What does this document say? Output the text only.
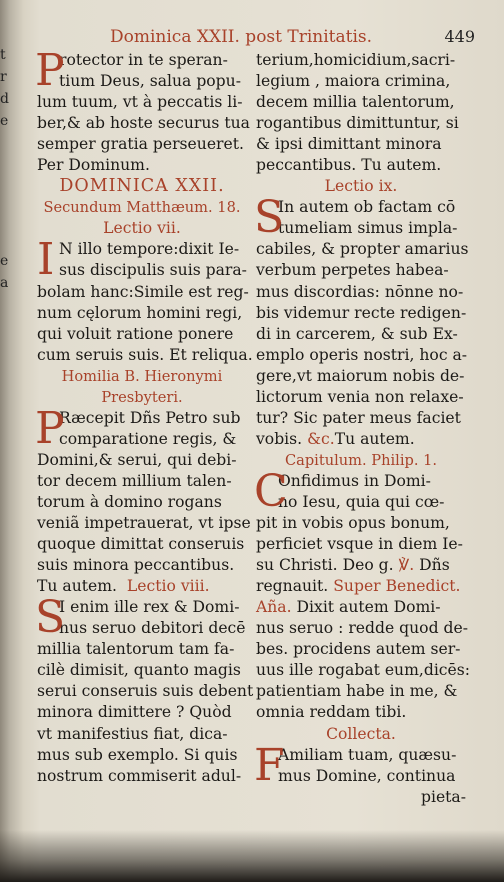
t
r
d
e
e
a
Dominica XXII. post Trinitatis.	449
P
rotector in te speran-
tium Deus, salua popu-
lum tuum, vt à peccatis li-
ber,& ab hoste securus tua
semper gratia perseueret.
Per Dominum.
DOMINICA XXII.
Secundum Matthæum. 18.
Lectio vii.
I N illo tempore:dixit Ie-
sus discipulis suis para-
bolam hanc:Simile est reg-
num cęlorum homini regi,
qui voluit ratione ponere
cum seruis suis. Et reliqua.
Homilia B. Hieronymi
Presbyteri.
P
Ræcepit Dñs Petro sub
comparatione regis, &
Domini,& serui, qui debi-
tor decem millium talen-
torum à domino rogans
veniã impetrauerat, vt ipse
quoque dimittat conseruis
suis minora peccantibus.
Tu autem. Lectio viii.
S
I enim ille rex & Domi-
nus seruo debitori decē
millia talentorum tam fa-
cilè dimisit, quanto magis
serui conseruis suis debent
minora dimittere ? Quòd
vt manifestius fiat, dica-
mus sub exemplo. Si quis
nostrum commiserit adul-
terium,homicidium,sacri-
legium , maiora crimina,
decem millia talentorum,
rogantibus dimittuntur, si
& ipsi dimittant minora
peccantibus. Tu autem.
Lectio ix.
S
In autem ob factam cō
tumeliam simus impla-
cabiles, & propter amarius
verbum perpetes habea-
mus discordias: nōnne no-
bis videmur recte redigen-
di in carcerem, & sub Ex-
emplo operis nostri, hoc a-
gere,vt maiorum nobis de-
lictorum venia non relaxe-
tur? Sic pater meus faciet
vobis. &c.Tu autem.
Capitulum. Philip. 1.
C
Onfidimus in Domi-
no Iesu, quia qui cœ-
pit in vobis opus bonum,
perficiet vsque in diem Ie-
su Christi. Deo g. ℣. Dñs
regnauit. Super Benedict.
Aña. Dixit autem Domi-
nus seruo : redde quod de-
bes. procidens autem ser-
uus ille rogabat eum,dicēs:
patientiam habe in me, &
omnia reddam tibi.
Collecta.
F
Amiliam tuam, quæsu-
mus Domine, continua
pieta-
